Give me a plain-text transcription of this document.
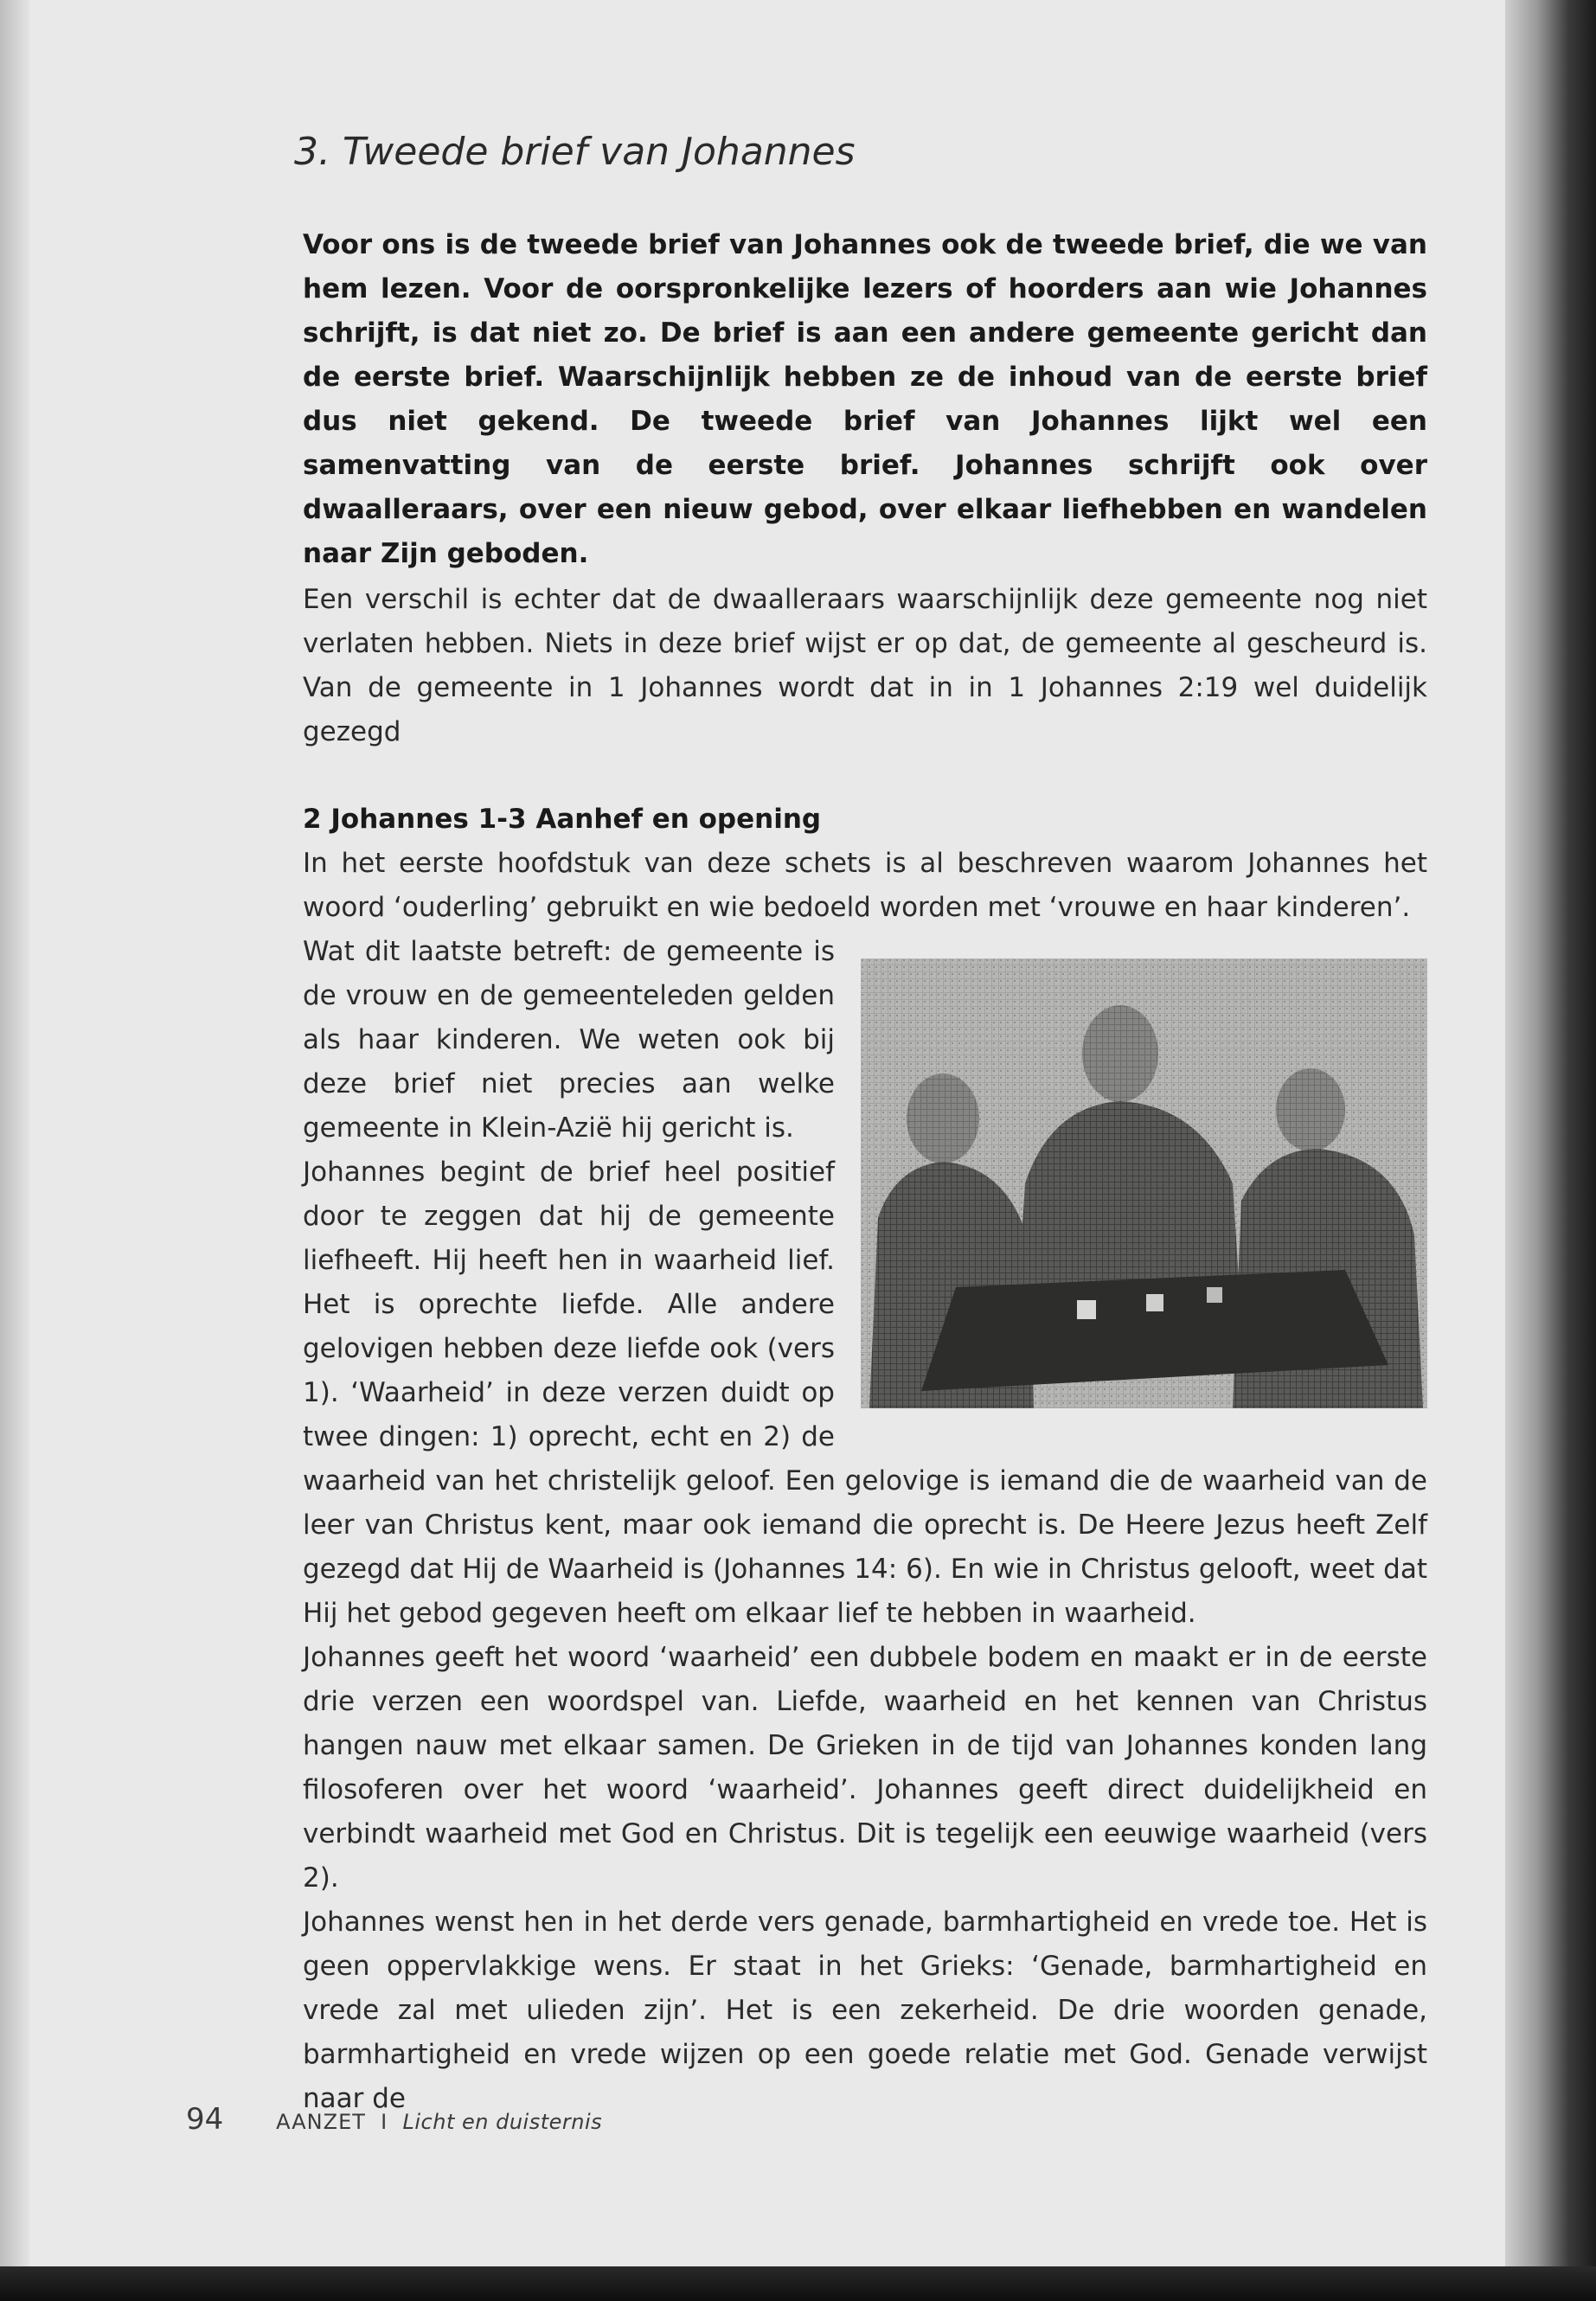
3. Tweede brief van Johannes

Voor ons is de tweede brief van Johannes ook de tweede brief, die we van hem lezen. Voor de oorspronkelijke lezers of hoorders aan wie Johannes schrijft, is dat niet zo. De brief is aan een andere gemeente gericht dan de eerste brief. Waarschijnlijk hebben ze de inhoud van de eerste brief dus niet gekend. De tweede brief van Johannes lijkt wel een samenvatting van de eerste brief. Johannes schrijft ook over dwaalleraars, over een nieuw gebod, over elkaar liefhebben en wandelen naar Zijn geboden.

Een verschil is echter dat de dwaalleraars waarschijnlijk deze gemeente nog niet verlaten hebben. Niets in deze brief wijst er op dat, de gemeente al gescheurd is. Van de gemeente in 1 Johannes wordt dat in in 1 Johannes 2:19 wel duidelijk gezegd

2 Johannes 1-3 Aanhef en opening

In het eerste hoofdstuk van deze schets is al beschreven waarom Johannes het woord ‘ouderling’ gebruikt en wie bedoeld worden met ‘vrouwe en haar kinderen’.

Wat dit laatste betreft: de gemeente is de vrouw en de gemeenteleden gelden als haar kinderen. We weten ook bij deze brief niet precies aan welke gemeente in Klein-Azië hij gericht is.

Johannes begint de brief heel positief door te zeggen dat hij de gemeente liefheeft. Hij heeft hen in waarheid lief. Het is oprechte liefde. Alle andere gelovigen hebben deze liefde ook (vers 1). ‘Waarheid’ in deze verzen duidt op twee dingen: 1) oprecht, echt en 2) de waarheid van het christelijk geloof. Een gelovige is iemand die de waarheid van de leer van Christus kent, maar ook iemand die oprecht is. De Heere Jezus heeft Zelf gezegd dat Hij de Waarheid is (Johannes 14: 6). En wie in Christus gelooft, weet dat Hij het gebod gegeven heeft om elkaar lief te hebben in waarheid.

Johannes geeft het woord ‘waarheid’ een dubbele bodem en maakt er in de eerste drie verzen een woordspel van. Liefde, waarheid en het kennen van Christus hangen nauw met elkaar samen. De Grieken in de tijd van Johannes konden lang filosoferen over het woord ‘waarheid’. Johannes geeft direct duidelijkheid en verbindt waarheid met God en Christus. Dit is tegelijk een eeuwige waarheid (vers 2).

Johannes wenst hen in het derde vers genade, barmhartigheid en vrede toe. Het is geen oppervlakkige wens. Er staat in het Grieks: ‘Genade, barmhartigheid en vrede zal met ulieden zijn’. Het is een zekerheid. De drie woorden genade, barmhartigheid en vrede wijzen op een goede relatie met God. Genade verwijst naar de

94	AANZET I Licht en duisternis
